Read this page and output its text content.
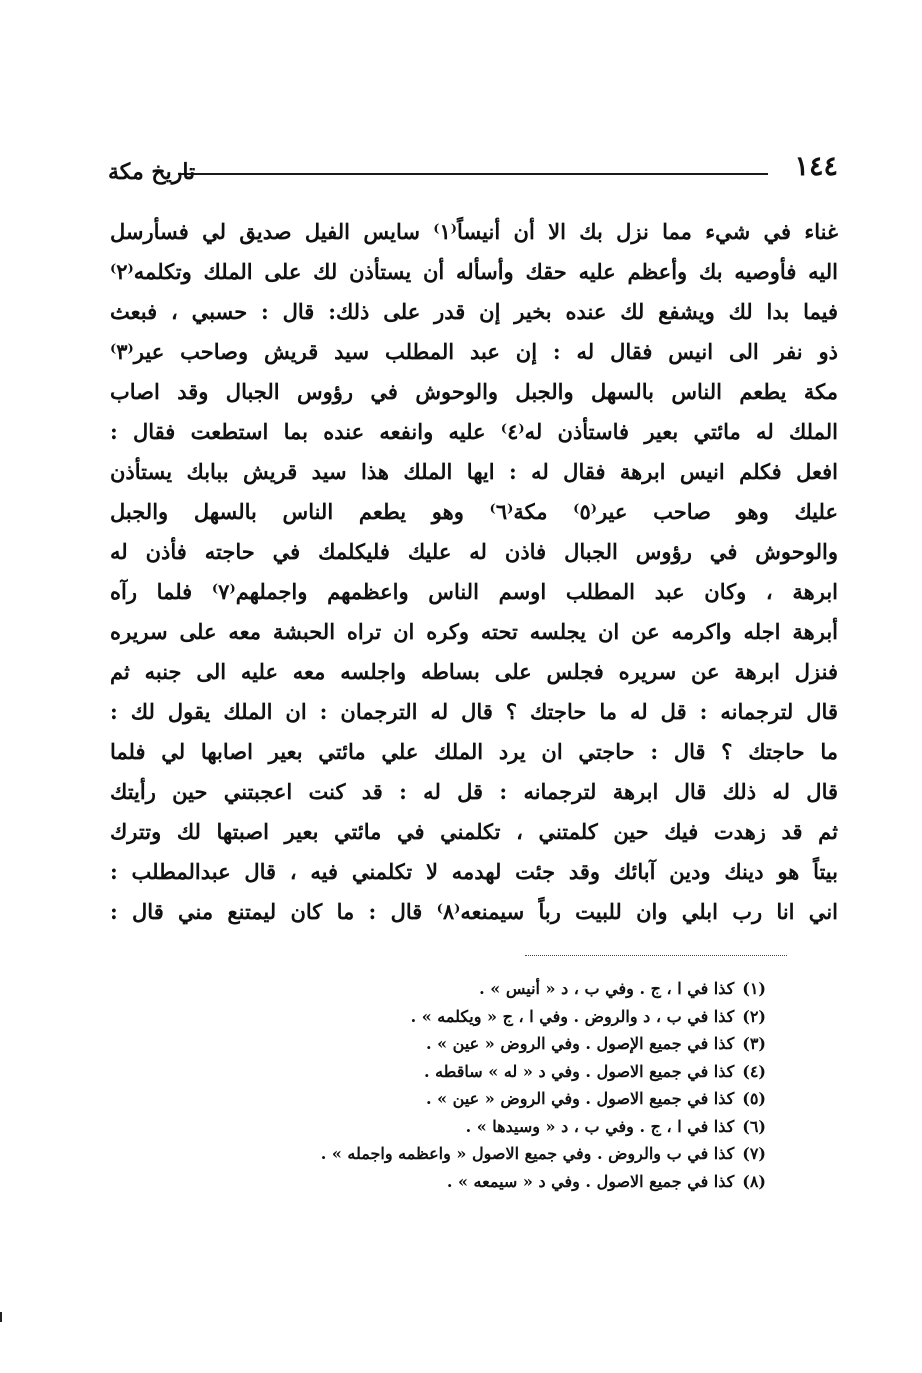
١٤٤
تاريخ مكة
غناء في شيء مما نزل بك الا أن أنيساً⁽١⁾ سايس الفيل صديق لي فسأرسل
اليه فأوصيه بك وأعظم عليه حقك وأسأله أن يستأذن لك على الملك وتكلمه⁽٢⁾
فيما بدا لك ويشفع لك عنده بخير إن قدر على ذلك: قال : حسبي ، فبعث
ذو نفر الى انيس فقال له : إن عبد المطلب سيد قريش وصاحب عير⁽٣⁾
مكة يطعم الناس بالسهل والجبل والوحوش في رؤوس الجبال وقد اصاب
الملك له مائتي بعير فاستأذن له⁽٤⁾ عليه وانفعه عنده بما استطعت فقال :
افعل فكلم انيس ابرهة فقال له : ايها الملك هذا سيد قريش ببابك يستأذن
عليك وهو صاحب عير⁽٥⁾ مكة⁽٦⁾ وهو يطعم الناس بالسهل والجبل
والوحوش في رؤوس الجبال فاذن له عليك فليكلمك في حاجته فأذن له
ابرهة ، وكان عبد المطلب اوسم الناس واعظمهم واجملهم⁽٧⁾ فلما رآه
أبرهة اجله واكرمه عن ان يجلسه تحته وكره ان تراه الحبشة معه على سريره
فنزل ابرهة عن سريره فجلس على بساطه واجلسه معه عليه الى جنبه ثم
قال لترجمانه : قل له ما حاجتك ؟ قال له الترجمان : ان الملك يقول لك :
ما حاجتك ؟ قال : حاجتي ان يرد الملك علي مائتي بعير اصابها لي فلما
قال له ذلك قال ابرهة لترجمانه : قل له : قد كنت اعجبتني حين رأيتك
ثم قد زهدت فيك حين كلمتني ، تكلمني في مائتي بعير اصبتها لك وتترك
بيتاً هو دينك ودين آبائك وقد جئت لهدمه لا تكلمني فيه ، قال عبدالمطلب :
اني انا رب ابلي وان للبيت رباً سيمنعه⁽٨⁾ قال : ما كان ليمتنع مني قال :
(١)كذا في ا ، ج . وفي ب ، د « أنيس » .
(٢)كذا في ب ، د والروض . وفي ا ، ج « ويكلمه » .
(٣)كذا في جميع الإصول . وفي الروض « عين » .
(٤)كذا في جميع الاصول . وفي د « له » ساقطه .
(٥)كذا في جميع الاصول . وفي الروض « عين » .
(٦)كذا في ا ، ج . وفي ب ، د « وسيدها » .
(٧)كذا في ب والروض . وفي جميع الاصول « واعظمه واجمله » .
(٨)كذا في جميع الاصول . وفي د « سيمعه » .
